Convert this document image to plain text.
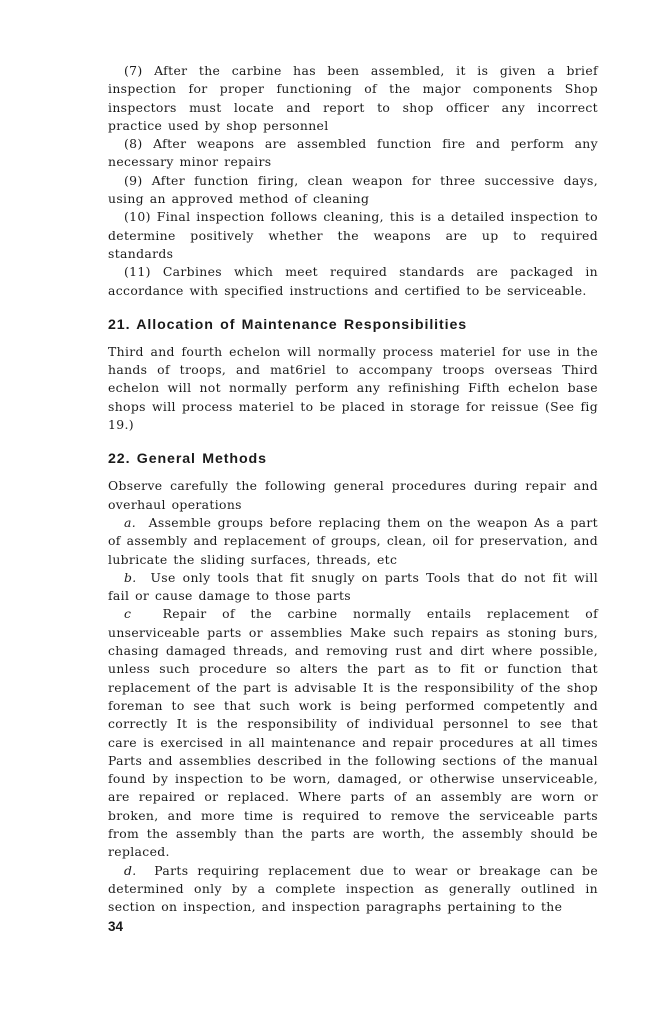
(7) After the carbine has been assembled, it is given a brief inspection for proper functioning of the major components Shop inspectors must locate and report to shop officer any incorrect practice used by shop personnel

(8) After weapons are assembled function fire and perform any necessary minor repairs

(9) After function firing, clean weapon for three successive days, using an approved method of cleaning

(10) Final inspection follows cleaning, this is a detailed inspection to determine positively whether the weapons are up to required standards

(11) Carbines which meet required standards are packaged in accordance with specified instructions and certified to be serviceable.

21. Allocation of Maintenance Responsibilities

Third and fourth echelon will normally process materiel for use in the hands of troops, and mat6riel to accompany troops overseas Third echelon will not normally perform any refinishing Fifth echelon base shops will process materiel to be placed in storage for reissue (See fig 19.)

22. General Methods

Observe carefully the following general procedures during repair and overhaul operations

a. Assemble groups before replacing them on the weapon As a part of assembly and replacement of groups, clean, oil for preservation, and lubricate the sliding surfaces, threads, etc

b. Use only tools that fit snugly on parts Tools that do not fit will fail or cause damage to those parts

c	Repair of the carbine normally entails replacement of unserviceable parts or assemblies Make such repairs as stoning burs, chasing damaged threads, and removing rust and dirt where possible, unless such procedure so alters the part as to fit or function that replacement of the part is advisable It is the responsibility of the shop foreman to see that such work is being performed competently and correctly It is the responsibility of individual personnel to see that care is exercised in all maintenance and repair procedures at all times Parts and assemblies described in the following sections of the manual found by inspection to be worn, damaged, or otherwise unserviceable, are repaired or replaced. Where parts of an assembly are worn or broken, and more time is required to remove the serviceable parts from the assembly than the parts are worth, the assembly should be replaced.

d. Parts requiring replacement due to wear or breakage can be determined only by a complete inspection as generally outlined in section on inspection, and inspection paragraphs pertaining to the

34
